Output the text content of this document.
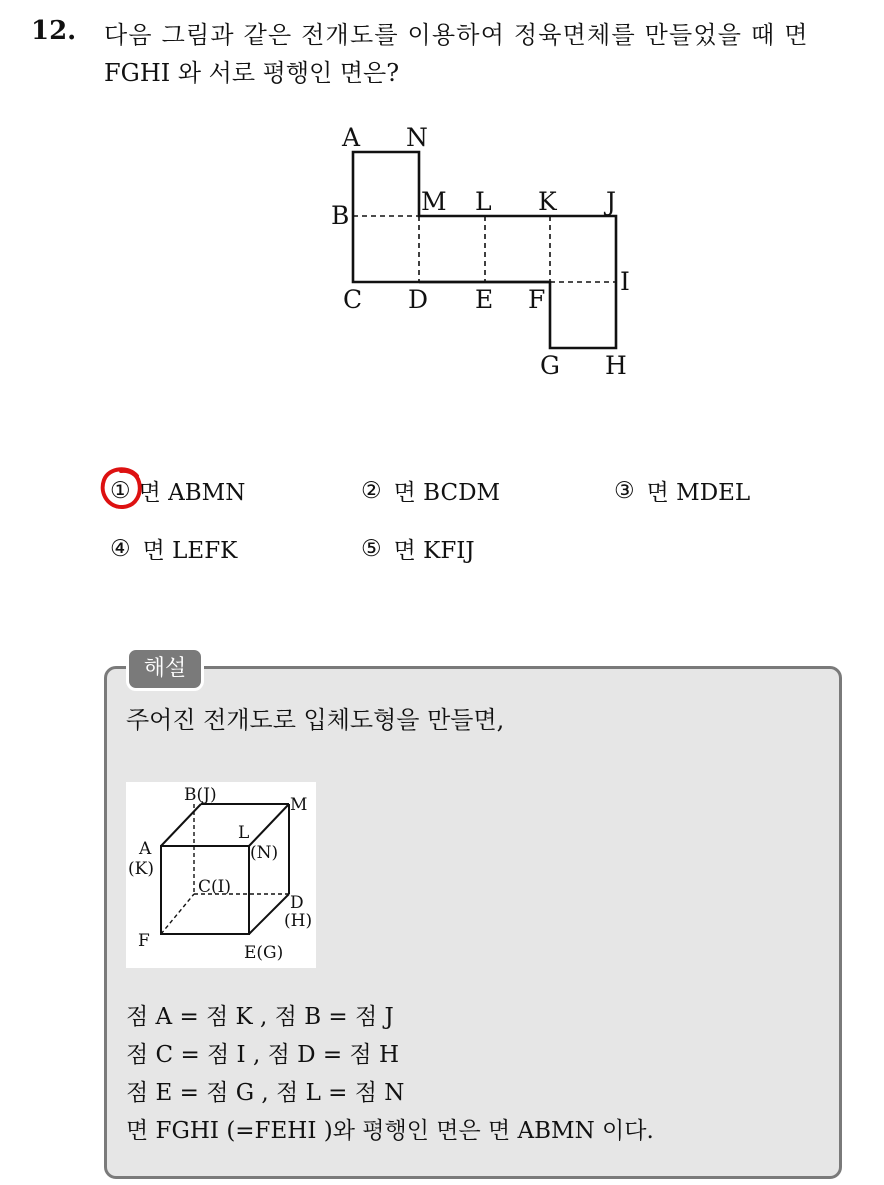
12. 다음 그림과 같은 전개도를 이용하여 정육면체를 만들었을 때 면
FGHI 와 서로 평행인 면은?
A N
B	M L K J
I
C D E F
G H
① 면 ABMN	② 면 BCDM	③ 면 MDEL
④ 면 LEFK	⑤ 면 KFIJ
해설
주어진 전개도로 입체도형을 만들면,
B(J)	M
A
(K)
L
(N)
C(I)
D
(H)
F
E(G)
점 A = 점 K , 점 B = 점 J
점 C = 점 I , 점 D = 점 H
점 E = 점 G , 점 L = 점 N
면 FGHI (=FEHI )와 평행인 면은 면 ABMN 이다.
